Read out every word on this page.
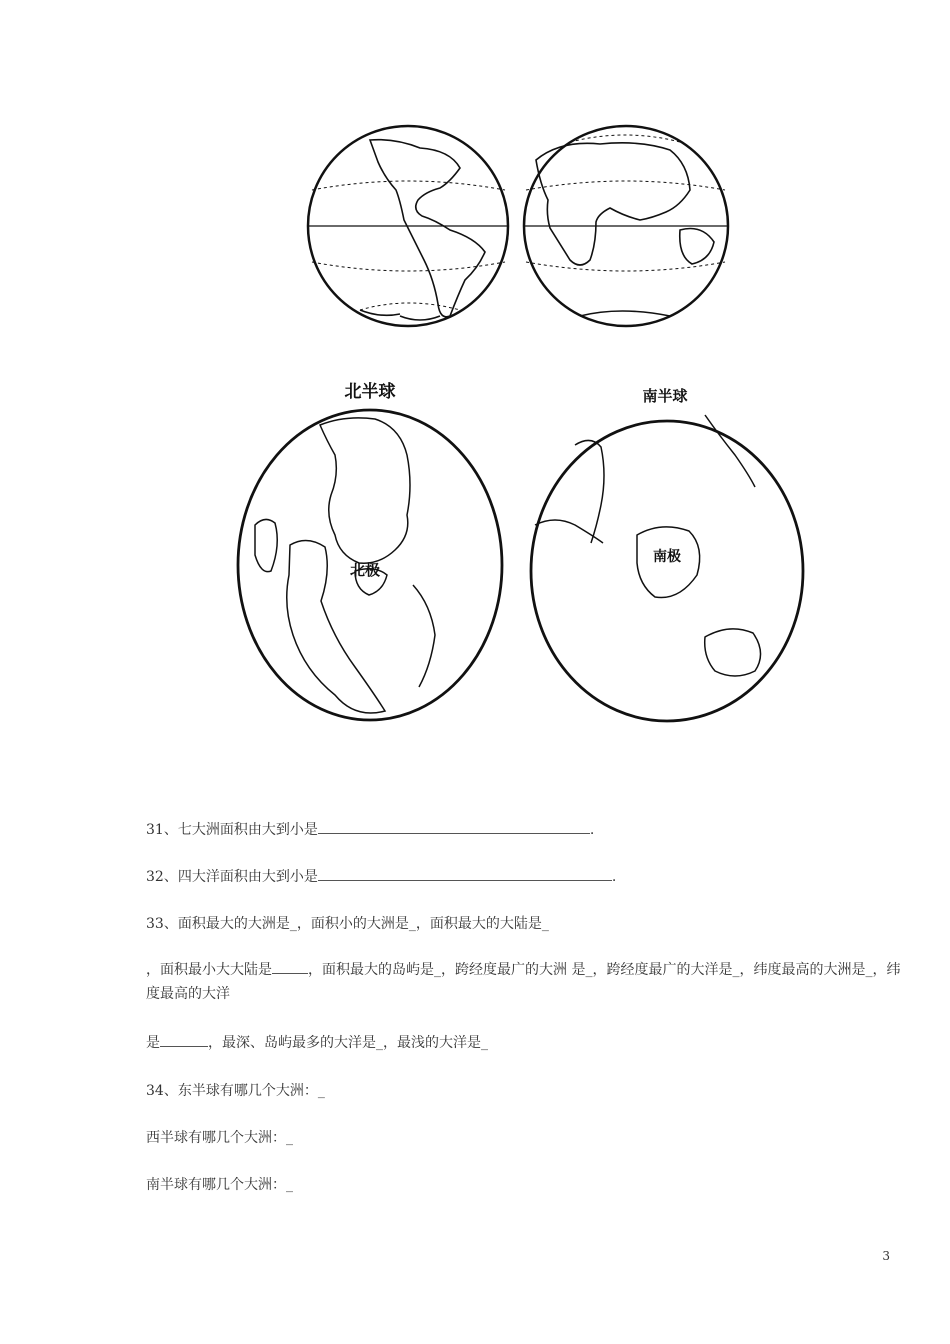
北半球	南半球
北极
南极
31、七大洲面积由大到小是	.
32、四大洋面积由大到小是	.
33、面积最大的大洲是_，面积小的大洲是_，面积最大的大陆是_
，面积最小大大陆是	，面积最大的岛屿是_，跨经度最广的大洲 是_，跨经度最广的大洋是_，纬度最高的大洲是_，纬度最高的大洋
是	，最深、岛屿最多的大洋是_，最浅的大洋是_
34、东半球有哪几个大洲：_
西半球有哪几个大洲：_
南半球有哪几个大洲：_
3
